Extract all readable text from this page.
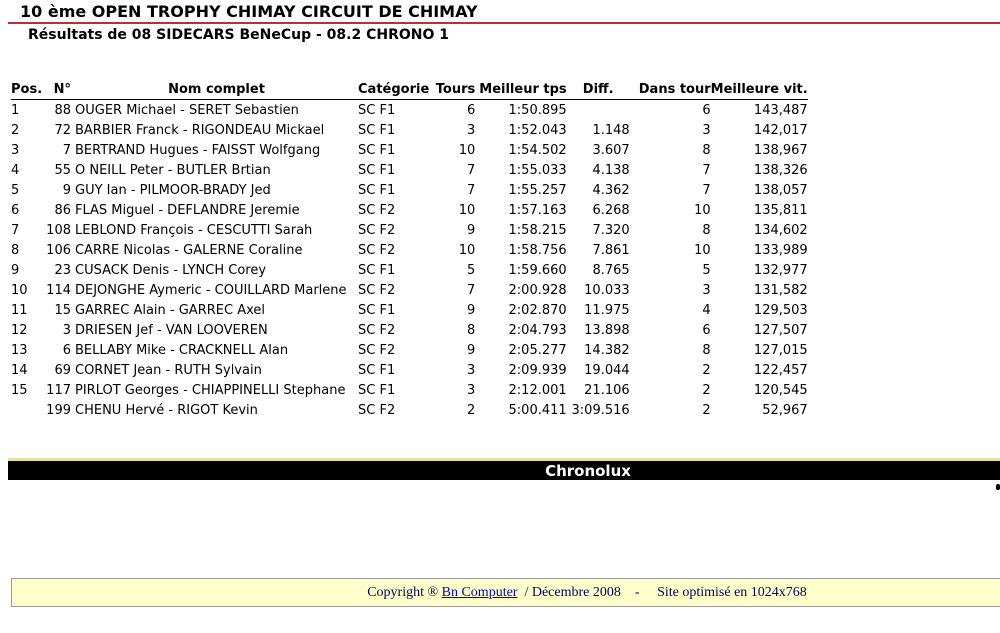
10 ème OPEN TROPHY CHIMAY CIRCUIT DE CHIMAY
Résultats de 08 SIDECARS BeNeCup - 08.2 CHRONO 1
Pos.	N°	Nom complet	Catégorie	Tours	Meilleur tps	Diff.	Dans tour	Meilleure vit.
1	88	OUGER Michael - SERET Sebastien	SC F1	6	1:50.895		6	143,487
2	72	BARBIER Franck - RIGONDEAU Mickael	SC F1	3	1:52.043	1.148	3	142,017
3	7	BERTRAND Hugues - FAISST Wolfgang	SC F1	10	1:54.502	3.607	8	138,967
4	55	O NEILL Peter - BUTLER Brtian	SC F1	7	1:55.033	4.138	7	138,326
5	9	GUY Ian - PILMOOR-BRADY Jed	SC F1	7	1:55.257	4.362	7	138,057
6	86	FLAS Miguel - DEFLANDRE Jeremie	SC F2	10	1:57.163	6.268	10	135,811
7	108	LEBLOND François - CESCUTTI Sarah	SC F2	9	1:58.215	7.320	8	134,602
8	106	CARRE Nicolas - GALERNE Coraline	SC F2	10	1:58.756	7.861	10	133,989
9	23	CUSACK Denis - LYNCH Corey	SC F1	5	1:59.660	8.765	5	132,977
10	114	DEJONGHE Aymeric - COUILLARD Marlene	SC F2	7	2:00.928	10.033	3	131,582
11	15	GARREC Alain - GARREC Axel	SC F1	9	2:02.870	11.975	4	129,503
12	3	DRIESEN Jef - VAN LOOVEREN	SC F2	8	2:04.793	13.898	6	127,507
13	6	BELLABY Mike - CRACKNELL Alan	SC F2	9	2:05.277	14.382	8	127,015
14	69	CORNET Jean - RUTH Sylvain	SC F1	3	2:09.939	19.044	2	122,457
15	117	PIRLOT Georges - CHIAPPINELLI Stephane	SC F1	3	2:12.001	21.106	2	120,545
	199	CHENU Hervé - RIGOT Kevin	SC F2	2	5:00.411	3:09.516	2	52,967
Chronolux
Copyright ® Bn Computer / Décembre 2008 - Site optimisé en 1024x768
